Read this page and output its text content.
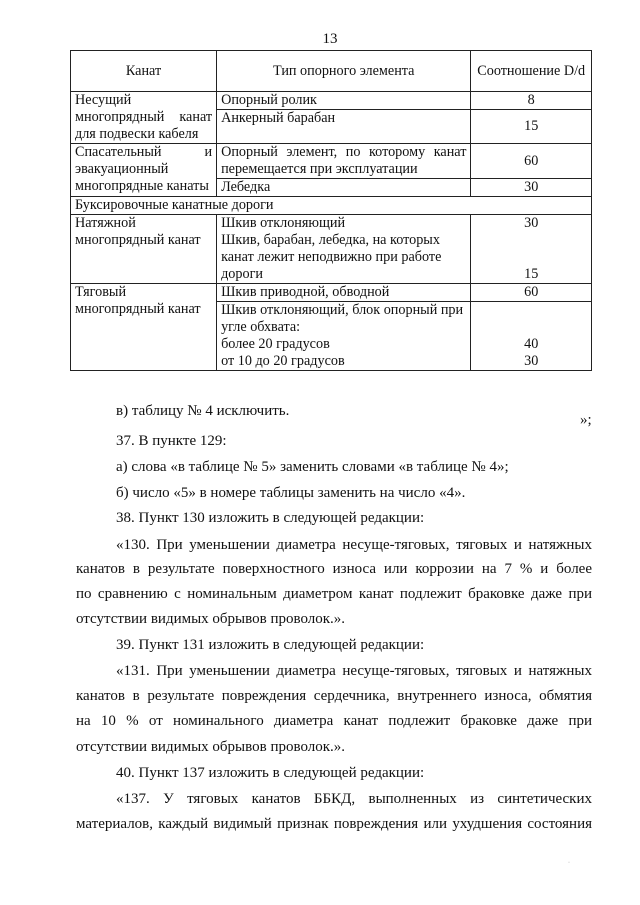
13
Канат	Тип опорного элемента	Соотношение D/d
Несущий многопрядный канат для подвески кабеля	Опорный ролик	8
	Анкерный барабан	15
Спасательный и эвакуационный многопрядные канаты	Опорный элемент, по которому канат перемещается при эксплуатации	60
	Лебедка	30
Буксировочные канатные дороги		
Натяжной многопрядный канат	Шкив отклоняющий	30
	Шкив, барабан, лебедка, на которых канат лежит неподвижно при работе дороги	15
Тяговый многопрядный канат	Шкив приводной, обводной	60
	Шкив отклоняющий, блок опорный при угле обхвата:	
	более 20 градусов	40
	от 10 до 20 градусов	30
»;
в) таблицу № 4 исключить.
37. В пункте 129:
а) слова «в таблице № 5» заменить словами «в таблице № 4»;
б) число «5» в номере таблицы заменить на число «4».
38. Пункт 130 изложить в следующей редакции:
«130. При уменьшении диаметра несуще-тяговых, тяговых и натяжных
канатов в результате поверхностного износа или коррозии на 7 % и более
по сравнению с номинальным диаметром канат подлежит браковке даже при
отсутствии видимых обрывов проволок.».
39. Пункт 131 изложить в следующей редакции:
«131. При уменьшении диаметра несуще-тяговых, тяговых и натяжных
канатов в результате повреждения сердечника, внутреннего износа, обмятия
на 10 % от номинального диаметра канат подлежит браковке даже при
отсутствии видимых обрывов проволок.».
40. Пункт 137 изложить в следующей редакции:
«137. У тяговых канатов ББКД, выполненных из синтетических
материалов, каждый видимый признак повреждения или ухудшения состояния
·
